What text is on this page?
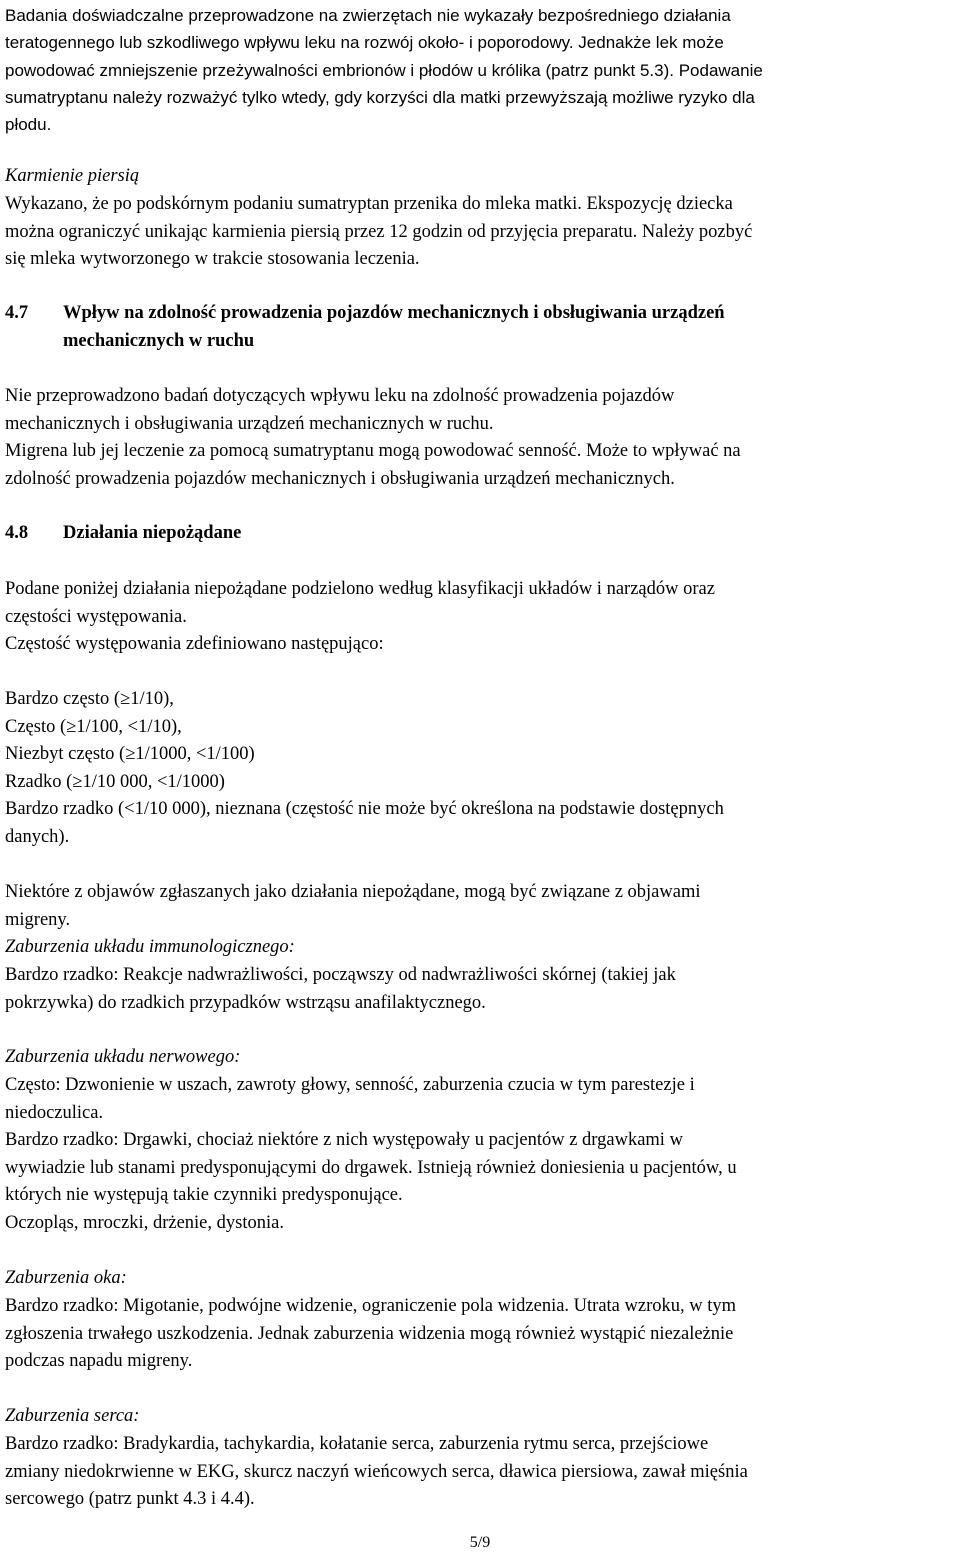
Badania doświadczalne przeprowadzone na zwierzętach nie wykazały bezpośredniego działania
teratogennego lub szkodliwego wpływu leku na rozwój około- i poporodowy. Jednakże lek może
powodować zmniejszenie przeżywalności embrionów i płodów u królika (patrz punkt 5.3). Podawanie
sumatryptanu należy rozważyć tylko wtedy, gdy korzyści dla matki przewyższają możliwe ryzyko dla
płodu.
Karmienie piersią
Wykazano, że po podskórnym podaniu sumatryptan przenika do mleka matki. Ekspozycję dziecka
można ograniczyć unikając karmienia piersią przez 12 godzin od przyjęcia preparatu. Należy pozbyć
się mleka wytworzonego w trakcie stosowania leczenia.
4.7 Wpływ na zdolność prowadzenia pojazdów mechanicznych i obsługiwania urządzeń
mechanicznych w ruchu
Nie przeprowadzono badań dotyczących wpływu leku na zdolność prowadzenia pojazdów
mechanicznych i obsługiwania urządzeń mechanicznych w ruchu.
Migrena lub jej leczenie za pomocą sumatryptanu mogą powodować senność. Może to wpływać na
zdolność prowadzenia pojazdów mechanicznych i obsługiwania urządzeń mechanicznych.
4.8 Działania niepożądane
Podane poniżej działania niepożądane podzielono według klasyfikacji układów i narządów oraz
częstości występowania.
Częstość występowania zdefiniowano następująco:
Bardzo często (≥1/10),
Często (≥1/100, <1/10),
Niezbyt często (≥1/1000, <1/100)
Rzadko (≥1/10 000, <1/1000)
Bardzo rzadko (<1/10 000), nieznana (częstość nie może być określona na podstawie dostępnych
danych).
Niektóre z objawów zgłaszanych jako działania niepożądane, mogą być związane z objawami
migreny.
Zaburzenia układu immunologicznego:
Bardzo rzadko: Reakcje nadwrażliwości, począwszy od nadwrażliwości skórnej (takiej jak
pokrzywka) do rzadkich przypadków wstrząsu anafilaktycznego.
Zaburzenia układu nerwowego:
Często: Dzwonienie w uszach, zawroty głowy, senność, zaburzenia czucia w tym parestezje i
niedoczulica.
Bardzo rzadko: Drgawki, chociaż niektóre z nich występowały u pacjentów z drgawkami w
wywiadzie lub stanami predysponującymi do drgawek. Istnieją również doniesienia u pacjentów, u
których nie występują takie czynniki predysponujące.
Oczopląs, mroczki, drżenie, dystonia.
Zaburzenia oka:
Bardzo rzadko: Migotanie, podwójne widzenie, ograniczenie pola widzenia. Utrata wzroku, w tym
zgłoszenia trwałego uszkodzenia. Jednak zaburzenia widzenia mogą również wystąpić niezależnie
podczas napadu migreny.
Zaburzenia serca:
Bardzo rzadko: Bradykardia, tachykardia, kołatanie serca, zaburzenia rytmu serca, przejściowe
zmiany niedokrwienne w EKG, skurcz naczyń wieńcowych serca, dławica piersiowa, zawał mięśnia
sercowego (patrz punkt 4.3 i 4.4).
5/9
